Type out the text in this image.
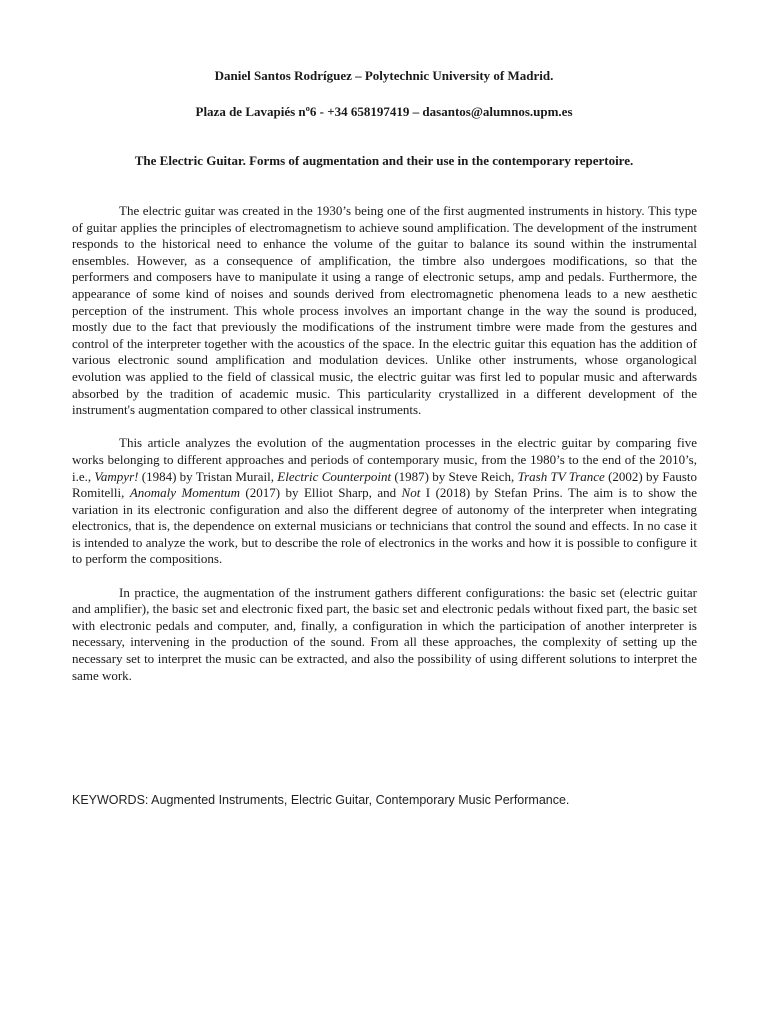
Daniel Santos Rodríguez – Polytechnic University of Madrid.
Plaza de Lavapiés nº6 - +34 658197419 – dasantos@alumnos.upm.es
The Electric Guitar. Forms of augmentation and their use in the contemporary repertoire.

The electric guitar was created in the 1930’s being one of the first augmented instruments in history. This type of guitar applies the principles of electromagnetism to achieve sound amplification. The development of the instrument responds to the historical need to enhance the volume of the guitar to balance its sound within the instrumental ensembles. However, as a consequence of amplification, the timbre also undergoes modifications, so that the performers and composers have to manipulate it using a range of electronic setups, amp and pedals. Furthermore, the appearance of some kind of noises and sounds derived from electromagnetic phenomena leads to a new aesthetic perception of the instrument. This whole process involves an important change in the way the sound is produced, mostly due to the fact that previously the modifications of the instrument timbre were made from the gestures and control of the interpreter together with the acoustics of the space. In the electric guitar this equation has the addition of various electronic sound amplification and modulation devices. Unlike other instruments, whose organological evolution was applied to the field of classical music, the electric guitar was first led to popular music and afterwards absorbed by the tradition of academic music. This particularity crystallized in a different development of the instrument's augmentation compared to other classical instruments.

This article analyzes the evolution of the augmentation processes in the electric guitar by comparing five works belonging to different approaches and periods of contemporary music, from the 1980’s to the end of the 2010’s, i.e., Vampyr! (1984) by Tristan Murail, Electric Counterpoint (1987) by Steve Reich, Trash TV Trance (2002) by Fausto Romitelli, Anomaly Momentum (2017) by Elliot Sharp, and Not I (2018) by Stefan Prins. The aim is to show the variation in its electronic configuration and also the different degree of autonomy of the interpreter when integrating electronics, that is, the dependence on external musicians or technicians that control the sound and effects. In no case it is intended to analyze the work, but to describe the role of electronics in the works and how it is possible to configure it to perform the compositions.

In practice, the augmentation of the instrument gathers different configurations: the basic set (electric guitar and amplifier), the basic set and electronic fixed part, the basic set and electronic pedals without fixed part, the basic set with electronic pedals and computer, and, finally, a configuration in which the participation of another interpreter is necessary, intervening in the production of the sound. From all these approaches, the complexity of setting up the necessary set to interpret the music can be extracted, and also the possibility of using different solutions to interpret the same work.

KEYWORDS: Augmented Instruments, Electric Guitar, Contemporary Music Performance.
